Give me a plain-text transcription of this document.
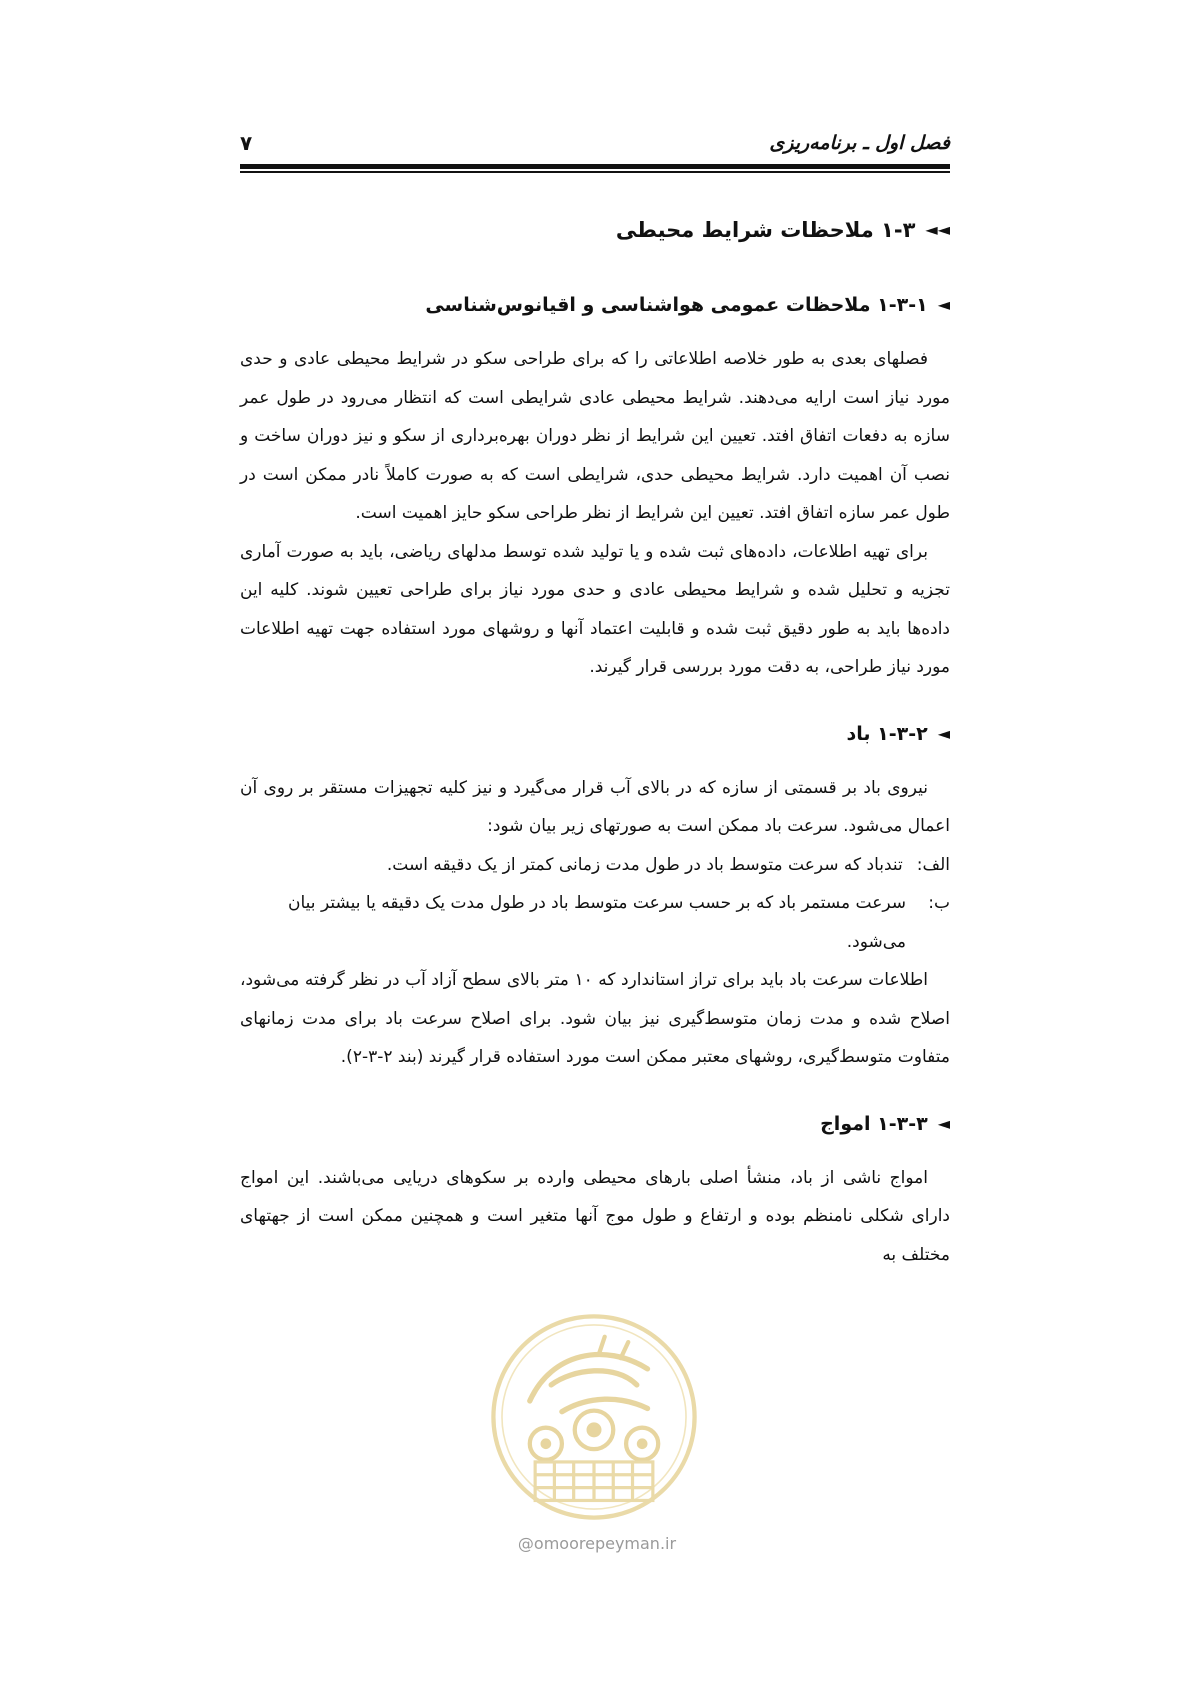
فصل اول ـ برنامه‌ریزی
۷
◄◄
۱-۳ ملاحظات شرایط محیطی
◄
۱-۳-۱ ملاحظات عمومی هواشناسی و اقیانوس‌شناسی

فصلهای بعدی به طور خلاصه اطلاعاتی را که برای طراحی سکو در شرایط محیطی عادی و حدی مورد نیاز است ارایه می‌دهند. شرایط محیطی عادی شرایطی است که انتظار می‌رود در طول عمر سازه به دفعات اتفاق افتد. تعیین این شرایط از نظر دوران بهره‌برداری از سکو و نیز دوران ساخت و نصب آن اهمیت دارد. شرایط محیطی حدی، شرایطی است که به صورت کاملاً نادر ممکن است در طول عمر سازه اتفاق افتد. تعیین این شرایط از نظر طراحی سکو حایز اهمیت است.

برای تهیه اطلاعات، داده‌های ثبت شده و یا تولید شده توسط مدلهای ریاضی، باید به صورت آماری تجزیه و تحلیل شده و شرایط محیطی عادی و حدی مورد نیاز برای طراحی تعیین شوند. کلیه این داده‌ها باید به طور دقیق ثبت شده و قابلیت اعتماد آنها و روشهای مورد استفاده جهت تهیه اطلاعات مورد نیاز طراحی، به دقت مورد بررسی قرار گیرند.

◄
۱-۳-۲ باد

نیروی باد بر قسمتی از سازه که در بالای آب قرار می‌گیرد و نیز کلیه تجهیزات مستقر بر روی آن اعمال می‌شود. سرعت باد ممکن است به صورتهای زیر بیان شود:

الف:
تندباد که سرعت متوسط باد در طول مدت زمانی کمتر از یک دقیقه است.
ب:
سرعت مستمر باد که بر حسب سرعت متوسط باد در طول مدت یک دقیقه یا بیشتر بیان می‌شود.

اطلاعات سرعت باد باید برای تراز استاندارد که ۱۰ متر بالای سطح آزاد آب در نظر گرفته می‌شود، اصلاح شده و مدت زمان متوسط‌گیری نیز بیان شود. برای اصلاح سرعت باد برای مدت زمانهای متفاوت متوسط‌گیری، روشهای معتبر ممکن است مورد استفاده قرار گیرند (بند ۲-۳-۲).

◄
۱-۳-۳ امواج

امواج ناشی از باد، منشأ اصلی بارهای محیطی وارده بر سکوهای دریایی می‌باشند. این امواج دارای شکلی نامنظم بوده و ارتفاع و طول موج آنها متغیر است و همچنین ممکن است از جهتهای مختلف به

@omoorepeyman.ir
